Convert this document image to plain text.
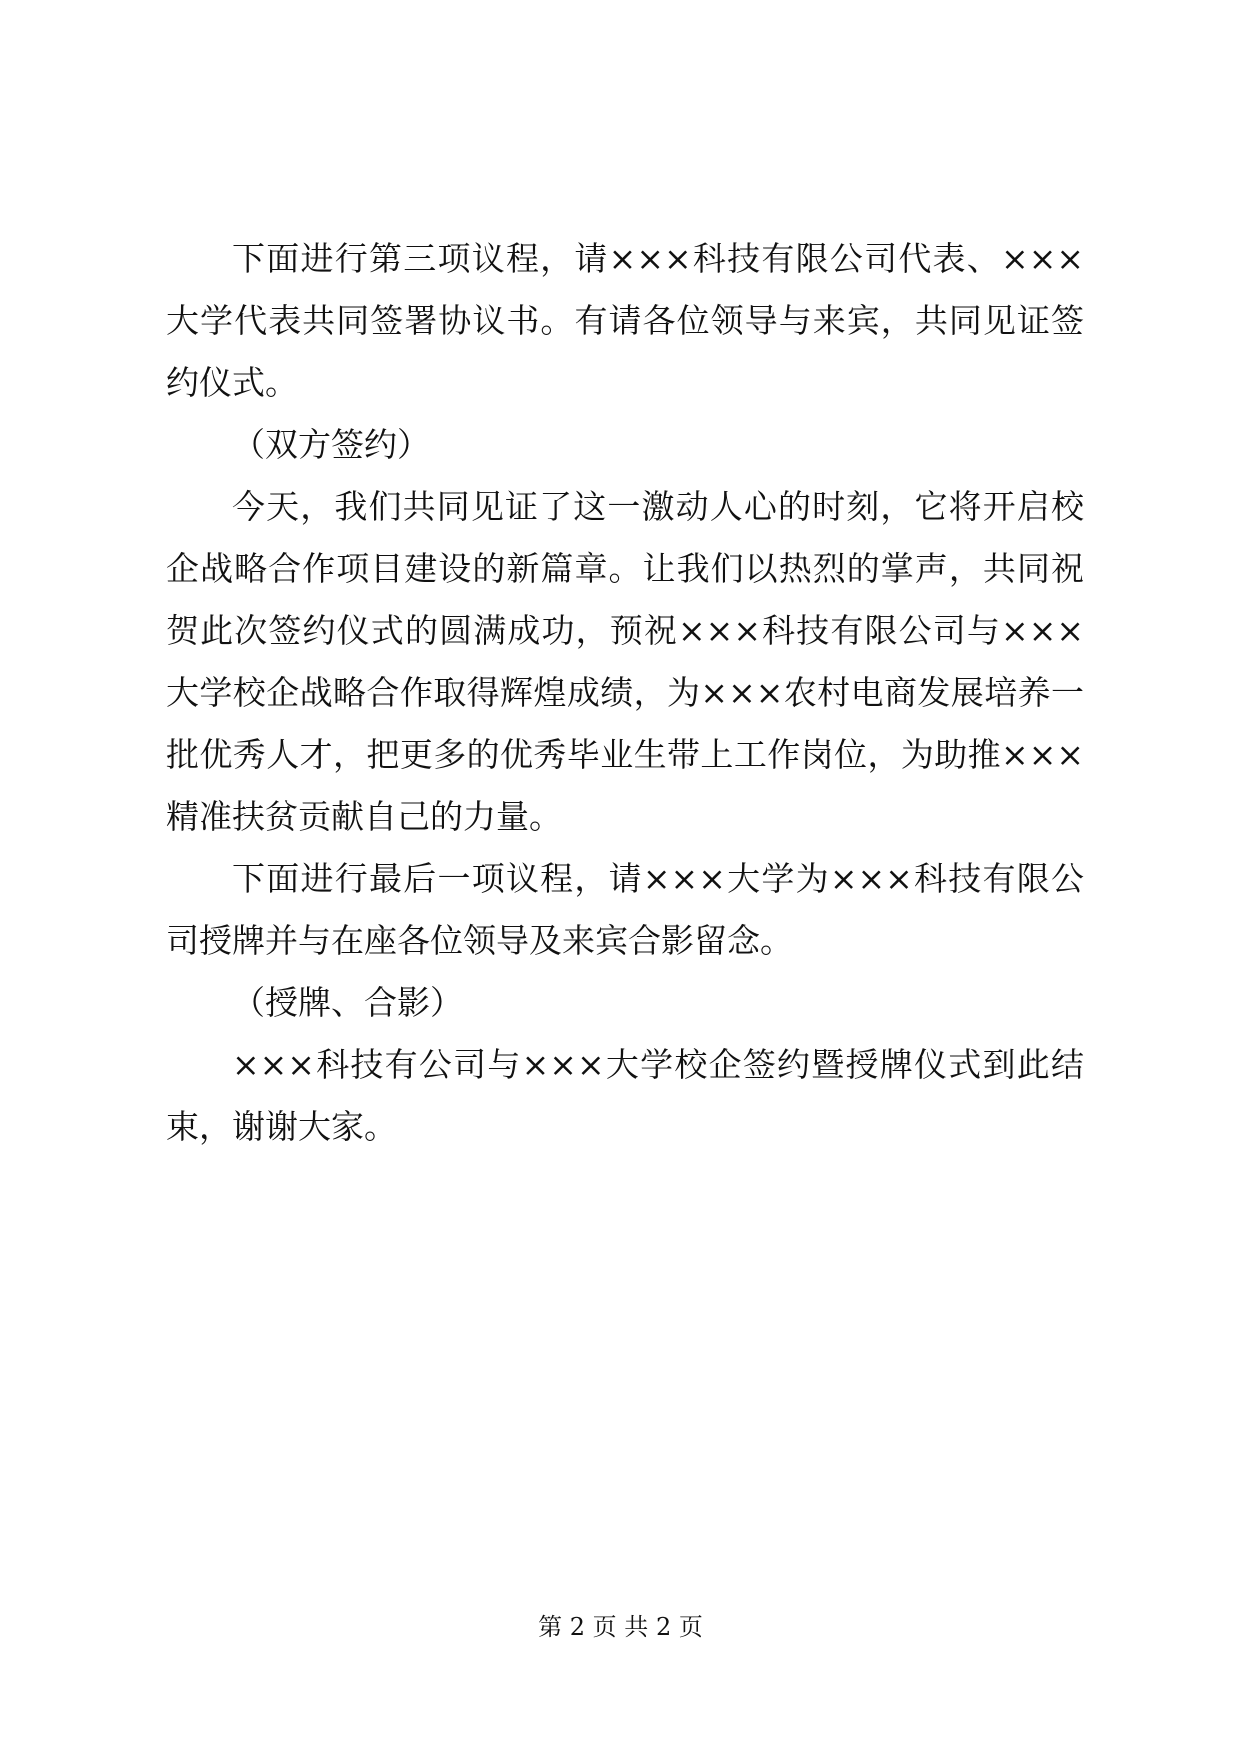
下面进行第三项议程，请×××科技有限公司代表、×××大学代表共同签署协议书。有请各位领导与来宾，共同见证签约仪式。

（双方签约）

今天，我们共同见证了这一激动人心的时刻，它将开启校企战略合作项目建设的新篇章。让我们以热烈的掌声，共同祝贺此次签约仪式的圆满成功，预祝×××科技有限公司与×××大学校企战略合作取得辉煌成绩，为×××农村电商发展培养一批优秀人才，把更多的优秀毕业生带上工作岗位，为助推×××精准扶贫贡献自己的力量。

下面进行最后一项议程，请×××大学为×××科技有限公司授牌并与在座各位领导及来宾合影留念。

（授牌、合影）

×××科技有公司与×××大学校企签约暨授牌仪式到此结束，谢谢大家。

第 2 页 共 2 页
